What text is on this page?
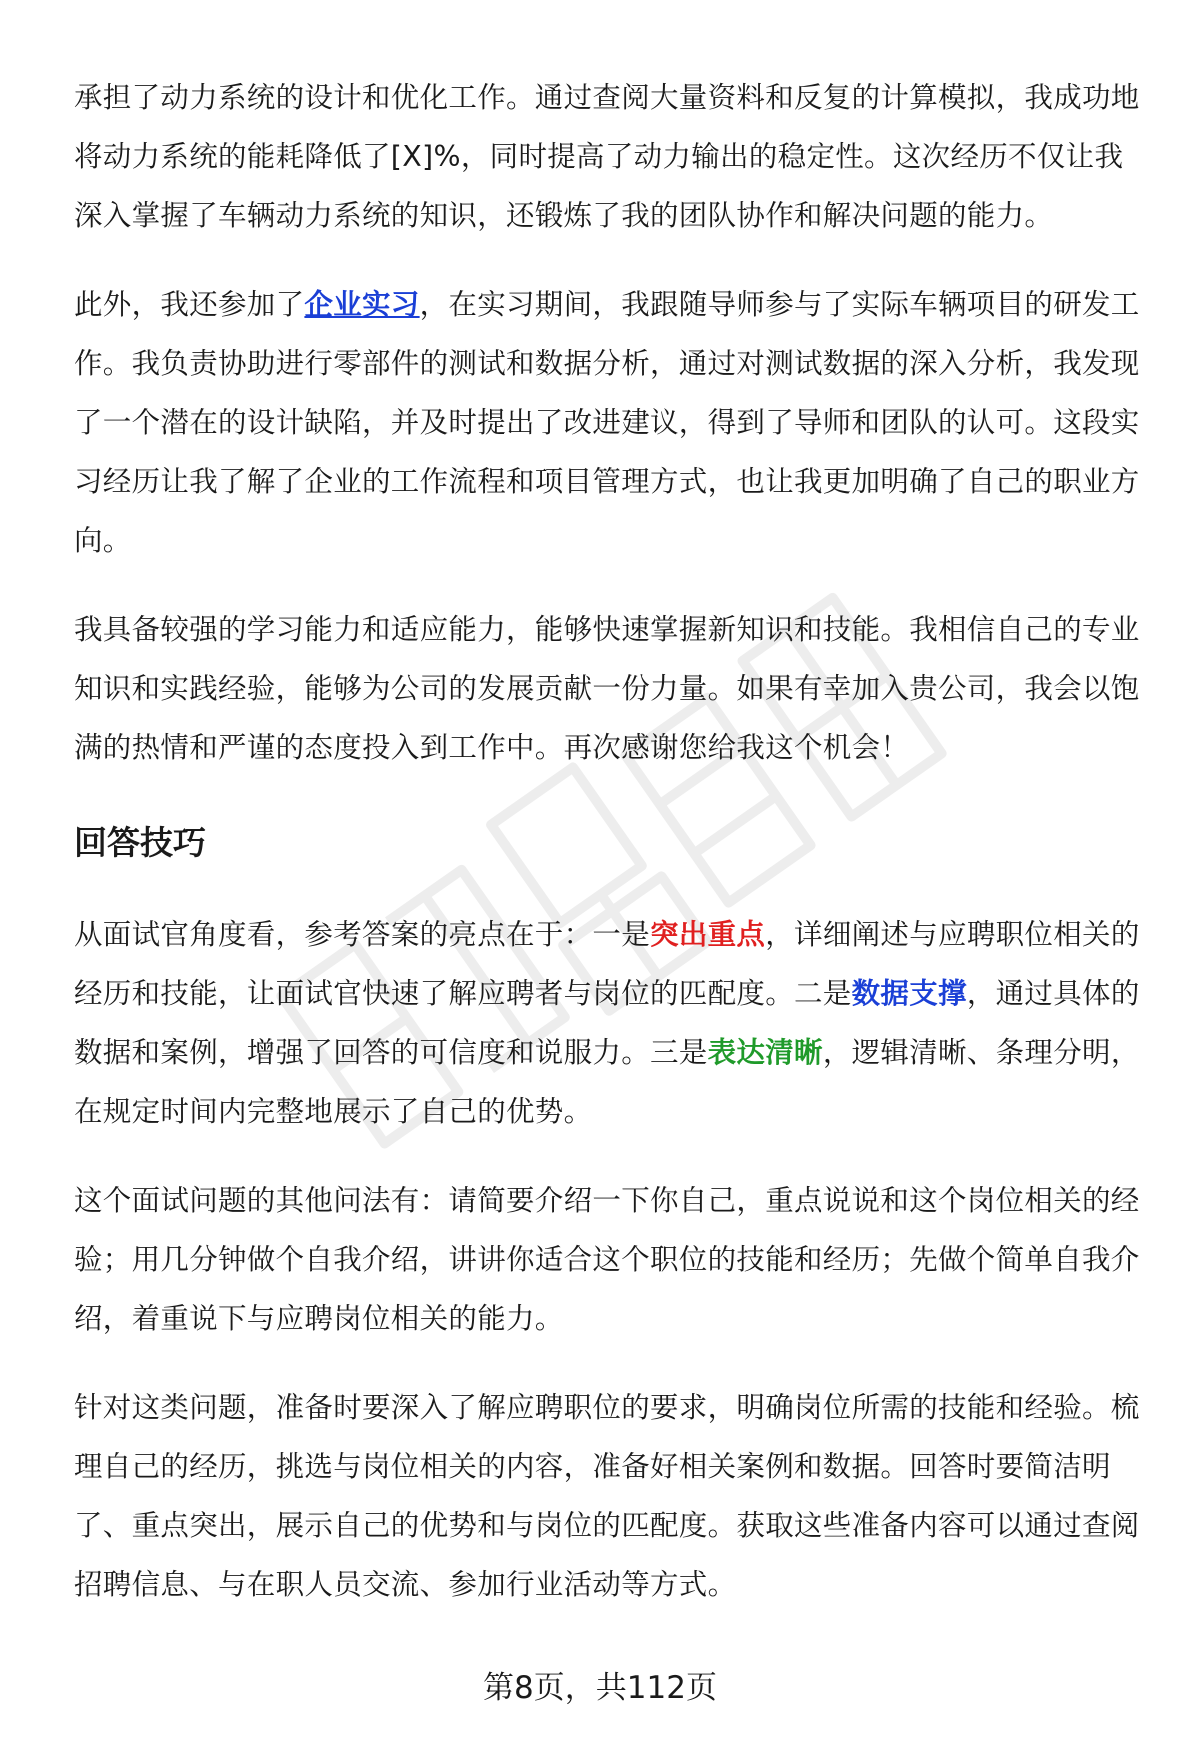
承担了动力系统的设计和优化工作。通过查阅大量资料和反复的计算模拟，我成功地将动力系统的能耗降低了[X]%，同时提高了动力输出的稳定性。这次经历不仅让我深入掌握了车辆动力系统的知识，还锻炼了我的团队协作和解决问题的能力。

此外，我还参加了企业实习，在实习期间，我跟随导师参与了实际车辆项目的研发工作。我负责协助进行零部件的测试和数据分析，通过对测试数据的深入分析，我发现了一个潜在的设计缺陷，并及时提出了改进建议，得到了导师和团队的认可。这段实习经历让我了解了企业的工作流程和项目管理方式，也让我更加明确了自己的职业方向。

我具备较强的学习能力和适应能力，能够快速掌握新知识和技能。我相信自己的专业知识和实践经验，能够为公司的发展贡献一份力量。如果有幸加入贵公司，我会以饱满的热情和严谨的态度投入到工作中。再次感谢您给我这个机会！

回答技巧

从面试官角度看，参考答案的亮点在于：一是突出重点，详细阐述与应聘职位相关的经历和技能，让面试官快速了解应聘者与岗位的匹配度。二是数据支撑，通过具体的数据和案例，增强了回答的可信度和说服力。三是表达清晰，逻辑清晰、条理分明，在规定时间内完整地展示了自己的优势。

这个面试问题的其他问法有：请简要介绍一下你自己，重点说说和这个岗位相关的经验；用几分钟做个自我介绍，讲讲你适合这个职位的技能和经历；先做个简单自我介绍，着重说下与应聘岗位相关的能力。

针对这类问题，准备时要深入了解应聘职位的要求，明确岗位所需的技能和经验。梳理自己的经历，挑选与岗位相关的内容，准备好相关案例和数据。回答时要简洁明了、重点突出，展示自己的优势和与岗位的匹配度。获取这些准备内容可以通过查阅招聘信息、与在职人员交流、参加行业活动等方式。

第8页，共112页
